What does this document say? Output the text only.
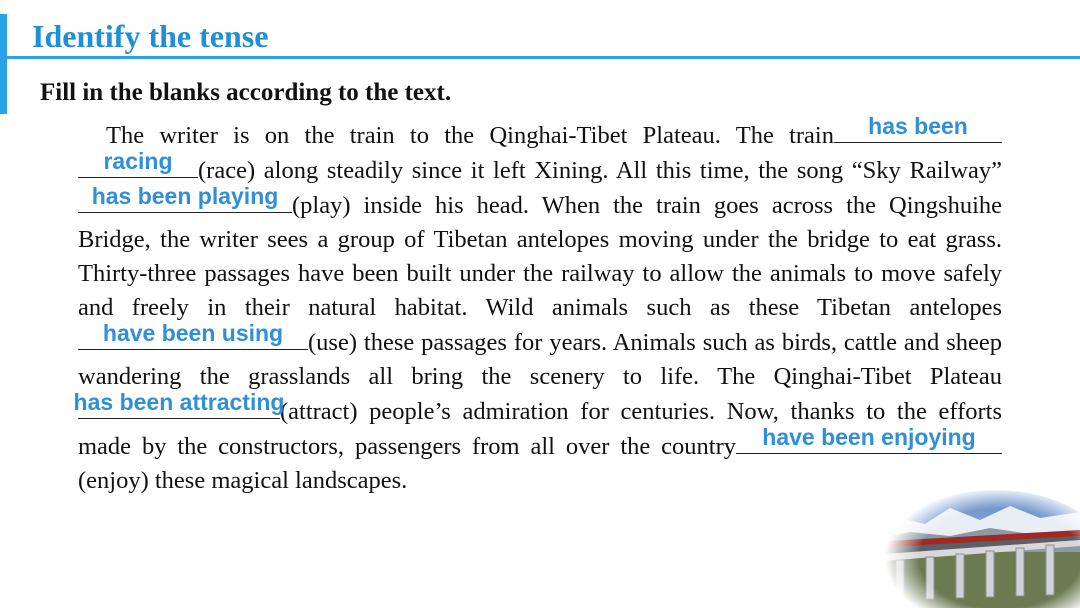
Identify the tense

Fill in the blanks according to the text.

The writer is on the train to the Qinghai-Tibet Plateau. The train has been

racing (race) along steadily since it left Xining. All this time, the song “Sky Railway”
has been playing (play) inside his head. When the train goes across the Qingshuihe Bridge, the writer sees a group of Tibetan antelopes moving under the bridge to eat grass. Thirty-three passages have been built under the railway to allow the animals to move safely and freely in their natural habitat. Wild animals such as these Tibetan antelopes
have been using (use) these passages for years. Animals such as birds, cattle and sheep wandering the grasslands all bring the scenery to life. The Qinghai-Tibet Plateau
has been attracting
(attract) people’s admiration for centuries. Now, thanks to the efforts made by the constructors, passengers from all over the country have been enjoying
(enjoy) these magical landscapes.
